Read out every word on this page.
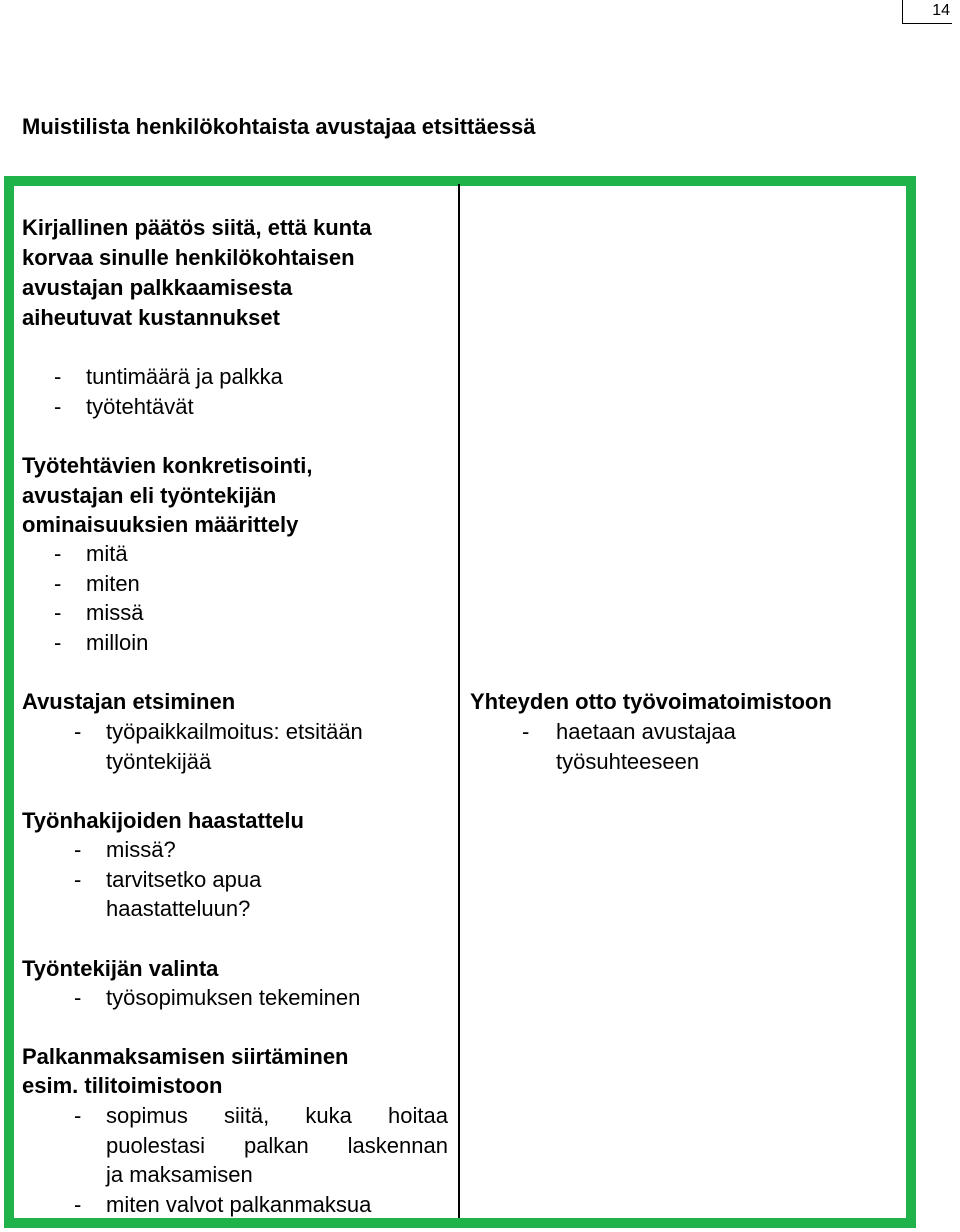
14
Muistilista henkilökohtaista avustajaa etsittäessä
Kirjallinen päätös siitä, että kunta
korvaa sinulle henkilökohtaisen
avustajan palkkaamisesta
aiheutuvat kustannukset
- tuntimäärä ja palkka
- työtehtävät
Työtehtävien konkretisointi,
avustajan eli työntekijän
ominaisuuksien määrittely
- mitä
- miten
- missä
- milloin
Avustajan etsiminen
- työpaikkailmoitus: etsitään
työntekijää
Työnhakijoiden haastattelu
- missä?
- tarvitsetko apua
haastatteluun?
Työntekijän valinta
- työsopimuksen tekeminen
Palkanmaksamisen siirtäminen
esim. tilitoimistoon
- sopimus siitä, kuka hoitaa
puolestasi palkan laskennan
ja maksamisen
- miten valvot palkanmaksua
Yhteyden otto työvoimatoimistoon
- haetaan avustajaa
työsuhteeseen
